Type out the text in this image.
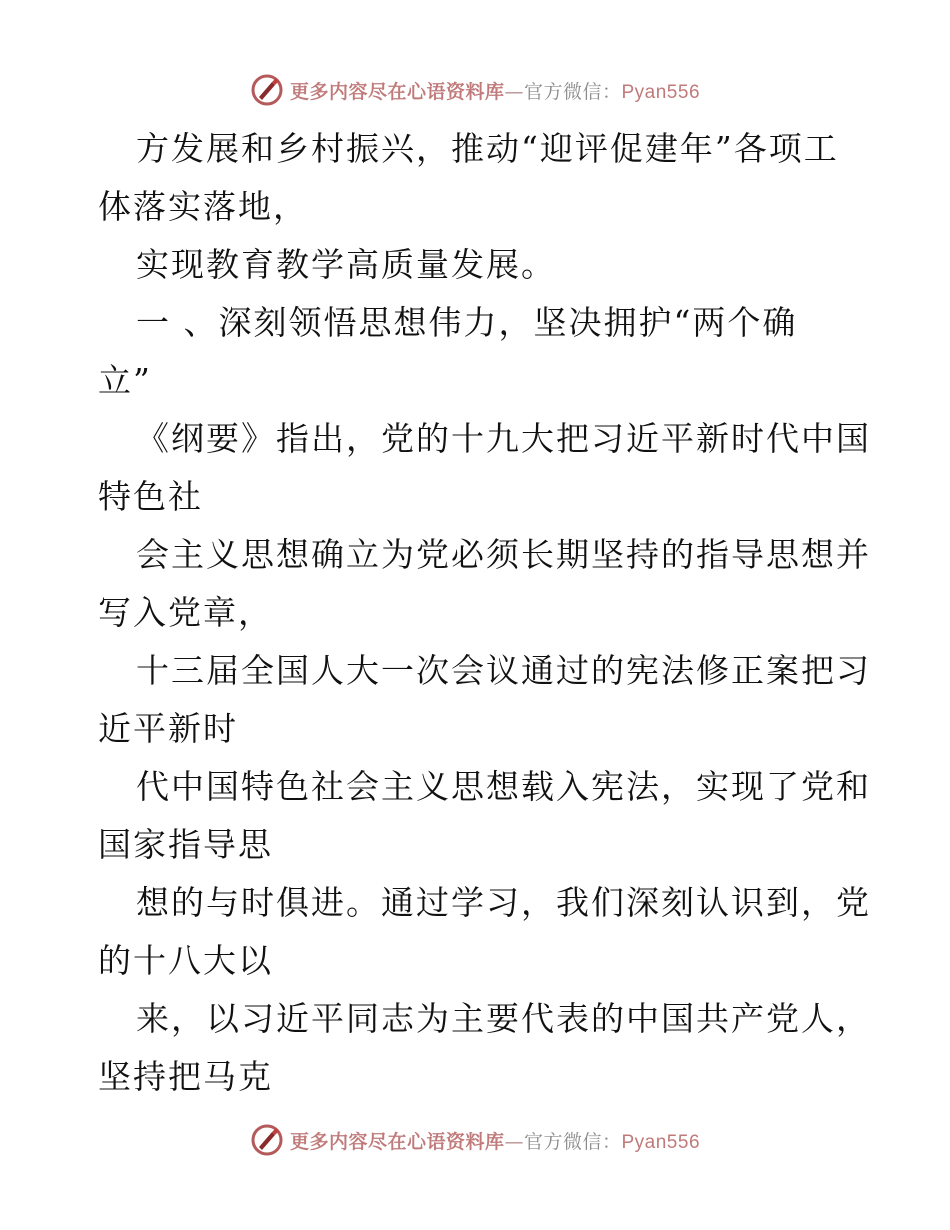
更多内容尽在心语资料库—官方微信：Pyan556
方发展和乡村振兴，推动“迎评促建年”各项工
体落实落地，
实现教育教学高质量发展。
一 、深刻领悟思想伟力，坚决拥护“两个确
立”
《纲要》指出，党的十九大把习近平新时代中国
特色社
会主义思想确立为党必须长期坚持的指导思想并
写入党章，
十三届全国人大一次会议通过的宪法修正案把习
近平新时
代中国特色社会主义思想载入宪法，实现了党和
国家指导思
想的与时俱进。通过学习，我们深刻认识到，党
的十八大以
来，以习近平同志为主要代表的中国共产党人，
坚持把马克
更多内容尽在心语资料库—官方微信：Pyan556
